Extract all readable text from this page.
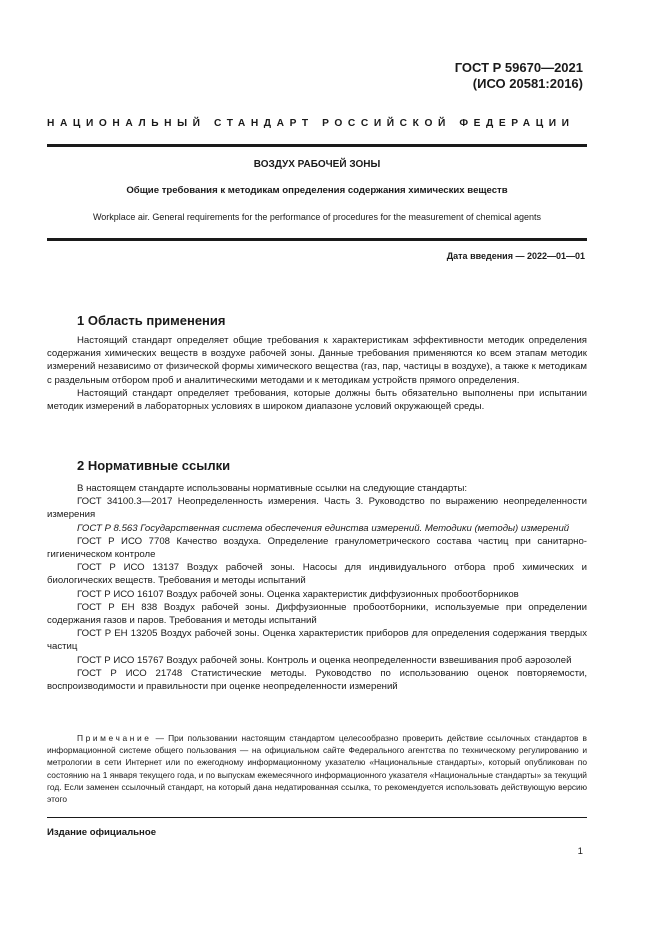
ГОСТ Р 59670—2021
(ИСО 20581:2016)
НАЦИОНАЛЬНЫЙ СТАНДАРТ РОССИЙСКОЙ ФЕДЕРАЦИИ
ВОЗДУХ РАБОЧЕЙ ЗОНЫ
Общие требования к методикам определения содержания химических веществ
Workplace air. General requirements for the performance of procedures for the measurement of chemical agents
Дата введения — 2022—01—01
1 Область применения

Настоящий стандарт определяет общие требования к характеристикам эффективности методик определения содержания химических веществ в воздухе рабочей зоны. Данные требования применяются ко всем этапам методик измерений независимо от физической формы химического вещества (газ, пар, частицы в воздухе), а также к методикам с раздельным отбором проб и аналитическими методами и к методикам устройств прямого определения.

Настоящий стандарт определяет требования, которые должны быть обязательно выполнены при испытании методик измерений в лабораторных условиях в широком диапазоне условий окружающей среды.

2 Нормативные ссылки

В настоящем стандарте использованы нормативные ссылки на следующие стандарты:

ГОСТ 34100.3—2017 Неопределенность измерения. Часть 3. Руководство по выражению неопределенности измерения

ГОСТ Р 8.563 Государственная система обеспечения единства измерений. Методики (методы) измерений

ГОСТ Р ИСО 7708 Качество воздуха. Определение гранулометрического состава частиц при санитарно-гигиеническом контроле

ГОСТ Р ИСО 13137 Воздух рабочей зоны. Насосы для индивидуального отбора проб химических и биологических веществ. Требования и методы испытаний

ГОСТ Р ИСО 16107 Воздух рабочей зоны. Оценка характеристик диффузионных пробоотборников

ГОСТ Р ЕН 838 Воздух рабочей зоны. Диффузионные пробоотборники, используемые при определении содержания газов и паров. Требования и методы испытаний

ГОСТ Р ЕН 13205 Воздух рабочей зоны. Оценка характеристик приборов для определения содержания твердых частиц

ГОСТ Р ИСО 15767 Воздух рабочей зоны. Контроль и оценка неопределенности взвешивания проб аэрозолей

ГОСТ Р ИСО 21748 Статистические методы. Руководство по использованию оценок повторяемости, воспроизводимости и правильности при оценке неопределенности измерений

Примечание — При пользовании настоящим стандартом целесообразно проверить действие ссылочных стандартов в информационной системе общего пользования — на официальном сайте Федерального агентства по техническому регулированию и метрологии в сети Интернет или по ежегодному информационному указателю «Национальные стандарты», который опубликован по состоянию на 1 января текущего года, и по выпускам ежемесячного информационного указателя «Национальные стандарты» за текущий год. Если заменен ссылочный стандарт, на который дана недатированная ссылка, то рекомендуется использовать действующую версию этого
Издание официальное
1
